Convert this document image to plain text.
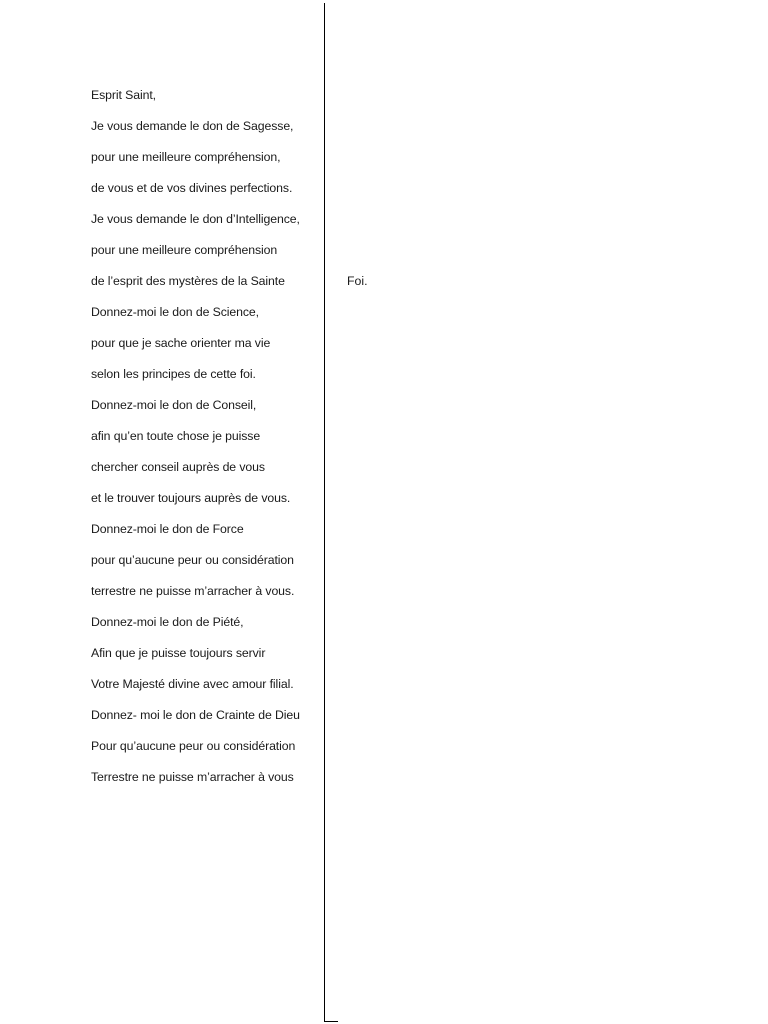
Esprit Saint,
Je vous demande le don de Sagesse,
pour une meilleure compréhension,
de vous et de vos divines perfections.
Je vous demande le don d’Intelligence,
pour une meilleure compréhension
de l’esprit des mystères de la Sainte
Donnez-moi le don de Science,
pour que je sache orienter ma vie
selon les principes de cette foi.
Donnez-moi le don de Conseil,
afin qu’en toute chose je puisse
chercher conseil auprès de vous
et le trouver toujours auprès de vous.
Donnez-moi le don de Force
pour qu’aucune peur ou considération
terrestre ne puisse m’arracher à vous.
Donnez-moi le don de Piété,
Afin que je puisse toujours servir
Votre Majesté divine avec amour filial.
Donnez- moi le don de Crainte de Dieu
Pour qu’aucune peur ou considération
Terrestre ne puisse m’arracher à vous
Foi.
